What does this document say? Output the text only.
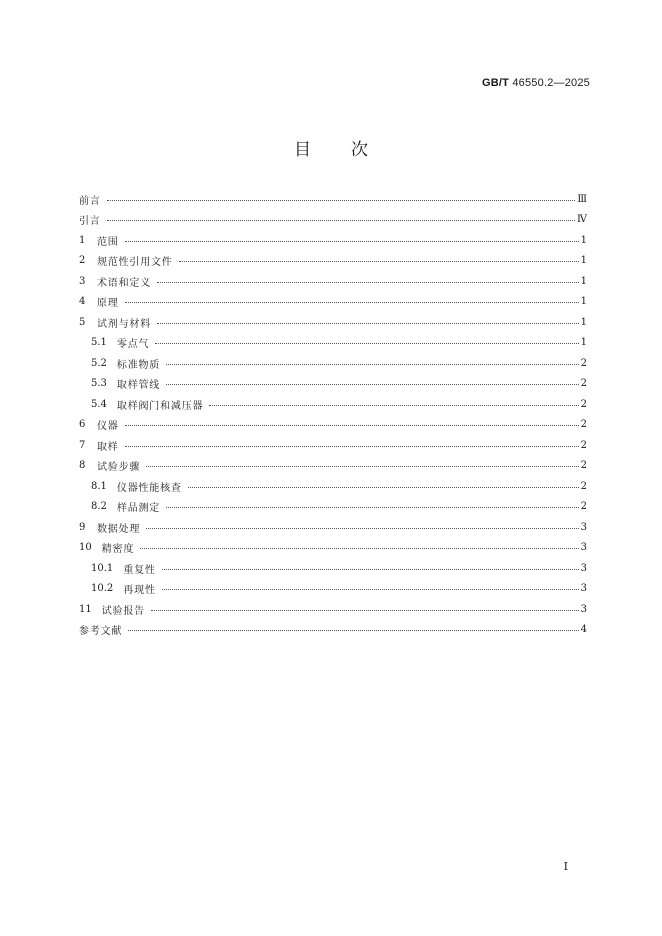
GB/T 46550.2—2025
目次
前言	Ⅲ
引言	Ⅳ
1	范围	1
2	规范性引用文件	1
3	术语和定义	1
4	原理	1
5	试剂与材料	1
5.1	零点气	1
5.2	标准物质	2
5.3	取样管线	2
5.4	取样阀门和减压器	2
6	仪器	2
7	取样	2
8	试验步骤	2
8.1	仪器性能核查	2
8.2	样品测定	2
9	数据处理	3
10	精密度	3
10.1	重复性	3
10.2	再现性	3
11	试验报告	3
参考文献	4
Ⅰ
